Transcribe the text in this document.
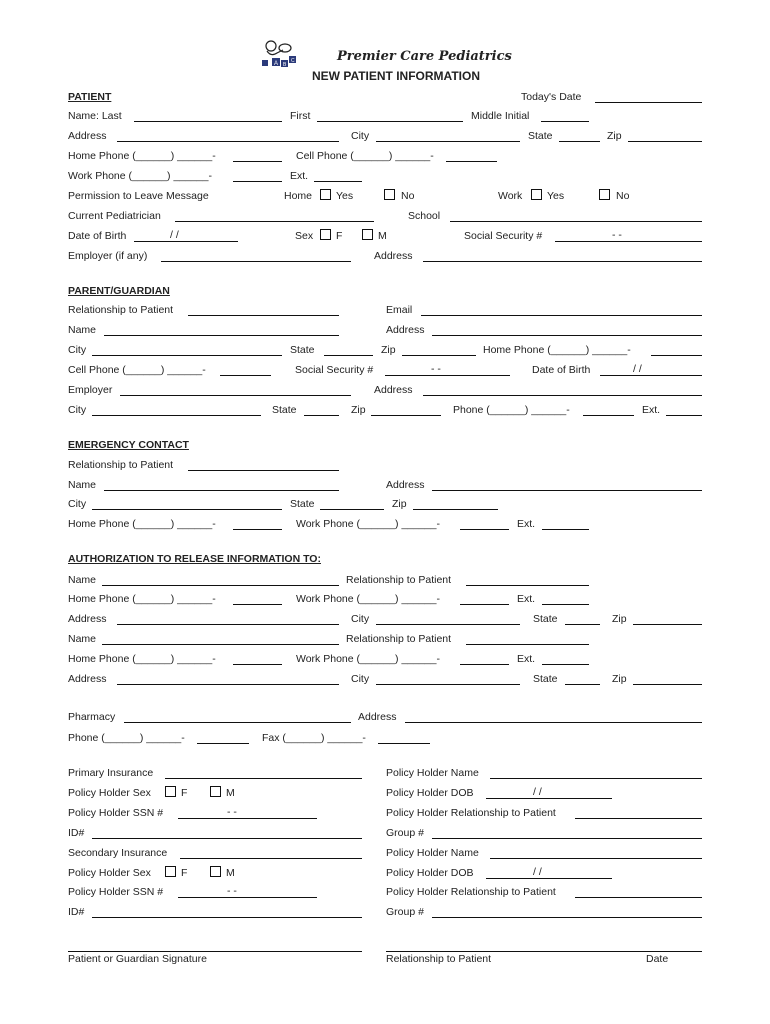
A B
C	Premier Care Pediatrics
NEW PATIENT INFORMATION
PATIENT	Today's Date
Name: Last	First	Middle Initial
Address	City	State	Zip
Home Phone (______) ______-	Cell Phone (______) ______-
Work Phone (______) ______-	Ext.
Permission to Leave Message	Home Yes	No	Work Yes	No
Current Pediatrician	School
Date of Birth	/ /	Sex F	M	Social Security #	- -
Employer (if any)	Address
PARENT/GUARDIAN
Relationship to Patient	Email
Name	Address
City	State	Zip	Home Phone (______) ______-
Cell Phone (______) ______-	Social Security #	- -	Date of Birth	/ /
Employer	Address
City	State	Zip	Phone (______) ______-	Ext.
EMERGENCY CONTACT
Relationship to Patient
Name	Address
City	State	Zip
Home Phone (______) ______-	Work Phone (______) ______-	Ext.
AUTHORIZATION TO RELEASE INFORMATION TO:
Name	Relationship to Patient
Home Phone (______) ______-	Work Phone (______) ______-	Ext.
Address	City	State	Zip
Name	Relationship to Patient
Home Phone (______) ______-	Work Phone (______) ______-	Ext.
Address	City	State	Zip
Pharmacy	Address
Phone (______) ______-	Fax (______) ______-
Primary Insurance	Policy Holder Name
Policy Holder Sex	F	M	Policy Holder DOB	/ /
Policy Holder SSN #	- -	Policy Holder Relationship to Patient
ID#	Group #
Secondary Insurance	Policy Holder Name
Policy Holder Sex	F	M	Policy Holder DOB	/ /
Policy Holder SSN #	- -	Policy Holder Relationship to Patient
ID#	Group #
Patient or Guardian Signature	Relationship to Patient	Date
